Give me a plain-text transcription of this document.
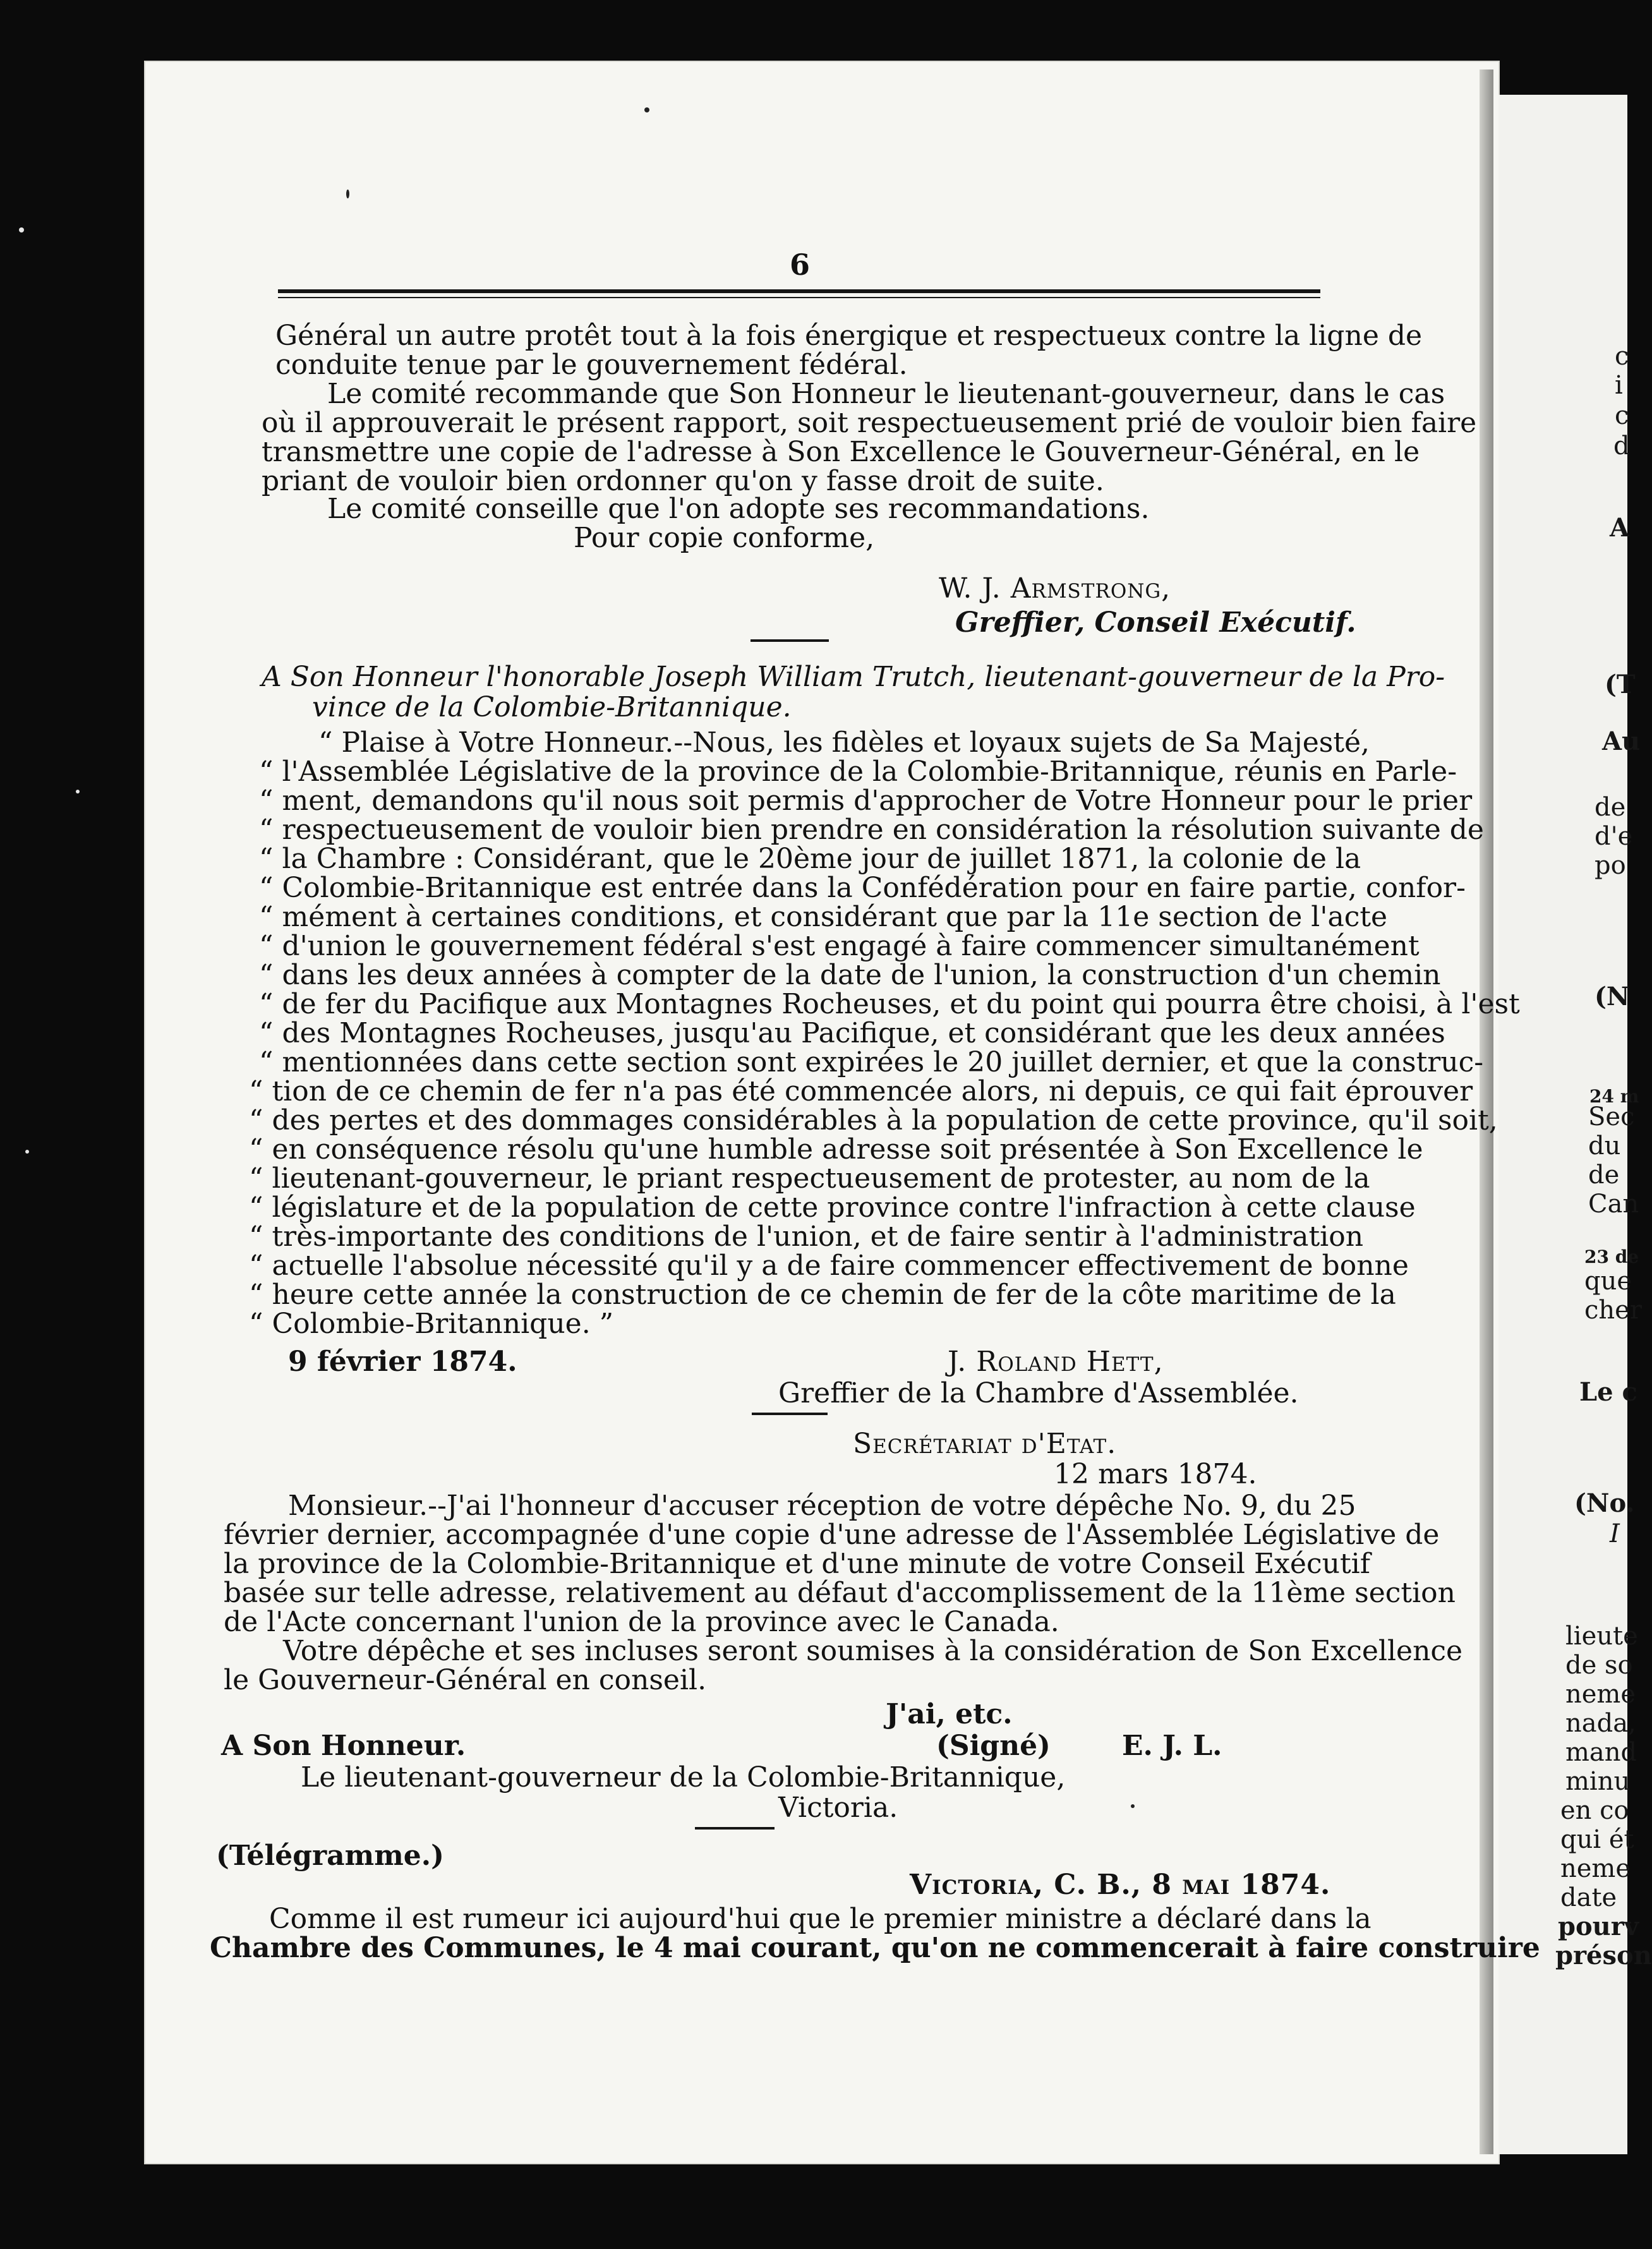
6
Général un autre protêt tout à la fois énergique et respectueux contre la ligne de
conduite tenue par le gouvernement fédéral.
Le comité recommande que Son Honneur le lieutenant-gouverneur, dans le cas
où il approuverait le présent rapport, soit respectueusement prié de vouloir bien faire
transmettre une copie de l'adresse à Son Excellence le Gouverneur-Général, en le
priant de vouloir bien ordonner qu'on y fasse droit de suite.
Le comité conseille que l'on adopte ses recommandations.
Pour copie conforme,
W. J. Armstrong,
Greffier, Conseil Exécutif.
A Son Honneur l'honorable Joseph William Trutch, lieutenant-gouverneur de la Pro-
vince de la Colombie-Britannique.
“ Plaise à Votre Honneur.--Nous, les fidèles et loyaux sujets de Sa Majesté,
“ l'Assemblée Législative de la province de la Colombie-Britannique, réunis en Parle-
“ ment, demandons qu'il nous soit permis d'approcher de Votre Honneur pour le prier
“ respectueusement de vouloir bien prendre en considération la résolution suivante de
“ la Chambre : Considérant, que le 20ème jour de juillet 1871, la colonie de la
“ Colombie-Britannique est entrée dans la Confédération pour en faire partie, confor-
“ mément à certaines conditions, et considérant que par la 11e section de l'acte
“ d'union le gouvernement fédéral s'est engagé à faire commencer simultanément
“ dans les deux années à compter de la date de l'union, la construction d'un chemin
“ de fer du Pacifique aux Montagnes Rocheuses, et du point qui pourra être choisi, à l'est
“ des Montagnes Rocheuses, jusqu'au Pacifique, et considérant que les deux années
“ mentionnées dans cette section sont expirées le 20 juillet dernier, et que la construc-
“ tion de ce chemin de fer n'a pas été commencée alors, ni depuis, ce qui fait éprouver
“ des pertes et des dommages considérables à la population de cette province, qu'il soit,
“ en conséquence résolu qu'une humble adresse soit présentée à Son Excellence le
“ lieutenant-gouverneur, le priant respectueusement de protester, au nom de la
“ législature et de la population de cette province contre l'infraction à cette clause
“ très-importante des conditions de l'union, et de faire sentir à l'administration
“ actuelle l'absolue nécessité qu'il y a de faire commencer effectivement de bonne
“ heure cette année la construction de ce chemin de fer de la côte maritime de la
“ Colombie-Britannique. ”
9 février 1874.	J. Roland Hett,
Greffier de la Chambre d'Assemblée.
Secrétariat d'Etat.
12 mars 1874.
Monsieur.--J'ai l'honneur d'accuser réception de votre dépêche No. 9, du 25
février dernier, accompagnée d'une copie d'une adresse de l'Assemblée Législative de
la province de la Colombie-Britannique et d'une minute de votre Conseil Exécutif
basée sur telle adresse, relativement au défaut d'accomplissement de la 11ème section
de l'Acte concernant l'union de la province avec le Canada.
Votre dépêche et ses incluses seront soumises à la considération de Son Excellence
le Gouverneur-Général en conseil.
J'ai, etc.
A Son Honneur.	(Signé)	E. J. L.
Le lieutenant-gouverneur de la Colombie-Britannique,
Victoria.
(Télégramme.)
Victoria, C. B., 8 mai 1874.
Comme il est rumeur ici aujourd'hui que le premier ministre a déclaré dans la
Chambre des Communes, le 4 mai courant, qu'on ne commencerait à faire construire
c
i
c
d
A
(T
Au
de
d'e
po
(N
24 m
Sec
du
de
Can
23 de
que
cher
Le c
(No.
I
lieute
de so
neme
nada,
mand
minu
en co
qui ét
neme
date
pourv
préson
